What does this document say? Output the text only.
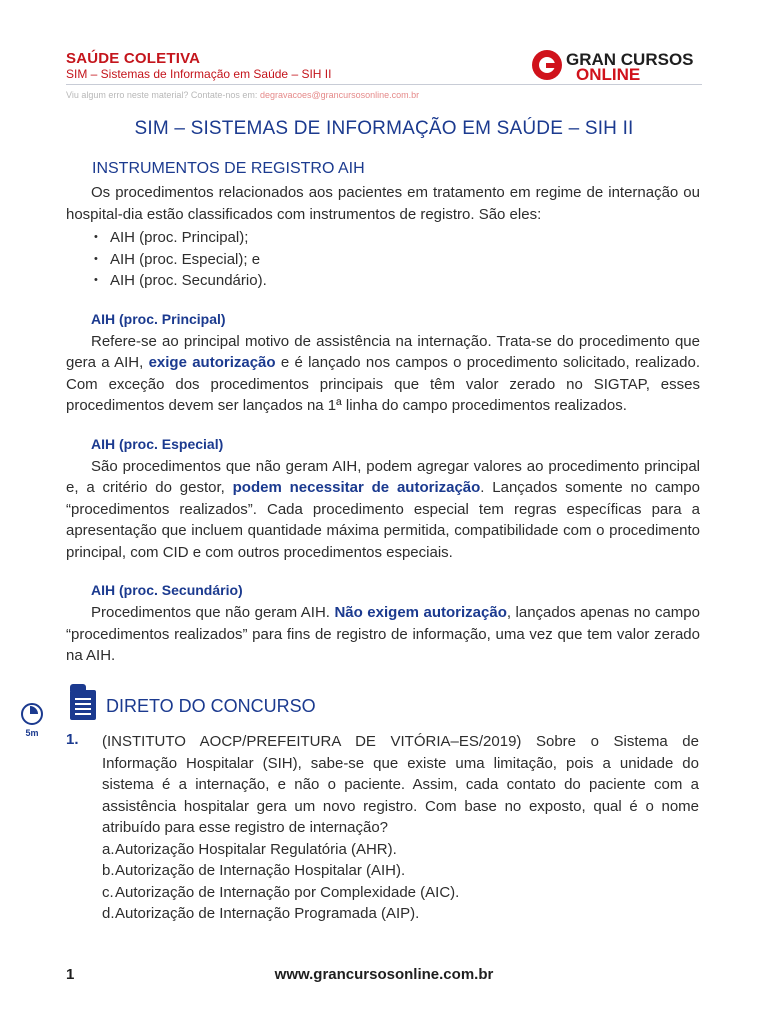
SAÚDE COLETIVA
SIM – Sistemas de Informação em Saúde – SIH II
Viu algum erro neste material? Contate-nos em: degravacoes@grancursosonline.com.br
GRAN CURSOS
ONLINE
SIM – SISTEMAS DE INFORMAÇÃO EM SAÚDE – SIH II
INSTRUMENTOS DE REGISTRO AIH

Os procedimentos relacionados aos pacientes em tratamento em regime de internação ou hospital-dia estão classificados com instrumentos de registro. São eles:

• AIH (proc. Principal);
• AIH (proc. Especial); e
• AIH (proc. Secundário).
AIH (proc. Principal)

Refere-se ao principal motivo de assistência na internação. Trata-se do procedimento que gera a AIH, exige autorização e é lançado nos campos o procedimento solicitado, realizado. Com exceção dos procedimentos principais que têm valor zerado no SIGTAP, esses procedimentos devem ser lançados na 1ª linha do campo procedimentos realizados.

AIH (proc. Especial)

São procedimentos que não geram AIH, podem agregar valores ao procedimento principal e, a critério do gestor, podem necessitar de autorização. Lançados somente no campo “procedimentos realizados”. Cada procedimento especial tem regras específicas para a apresentação que incluem quantidade máxima permitida, compatibilidade com o procedimento principal, com CID e com outros procedimentos especiais.

AIH (proc. Secundário)

Procedimentos que não geram AIH. Não exigem autorização, lançados apenas no campo “procedimentos realizados” para fins de registro de informação, uma vez que tem valor zerado na AIH.

5m
DIRETO DO CONCURSO
1. (INSTITUTO AOCP/PREFEITURA DE VITÓRIA–ES/2019) Sobre o Sistema de Informação Hospitalar (SIH), sabe-se que existe uma limitação, pois a unidade do sistema é a internação, e não o paciente. Assim, cada contato do paciente com a assistência hospitalar gera um novo registro. Com base no exposto, qual é o nome atribuído para esse registro de internação?
a. Autorização Hospitalar Regulatória (AHR).
b. Autorização de Internação Hospitalar (AIH).
c. Autorização de Internação por Complexidade (AIC).
d. Autorização de Internação Programada (AIP).
1	www.grancursosonline.com.br
